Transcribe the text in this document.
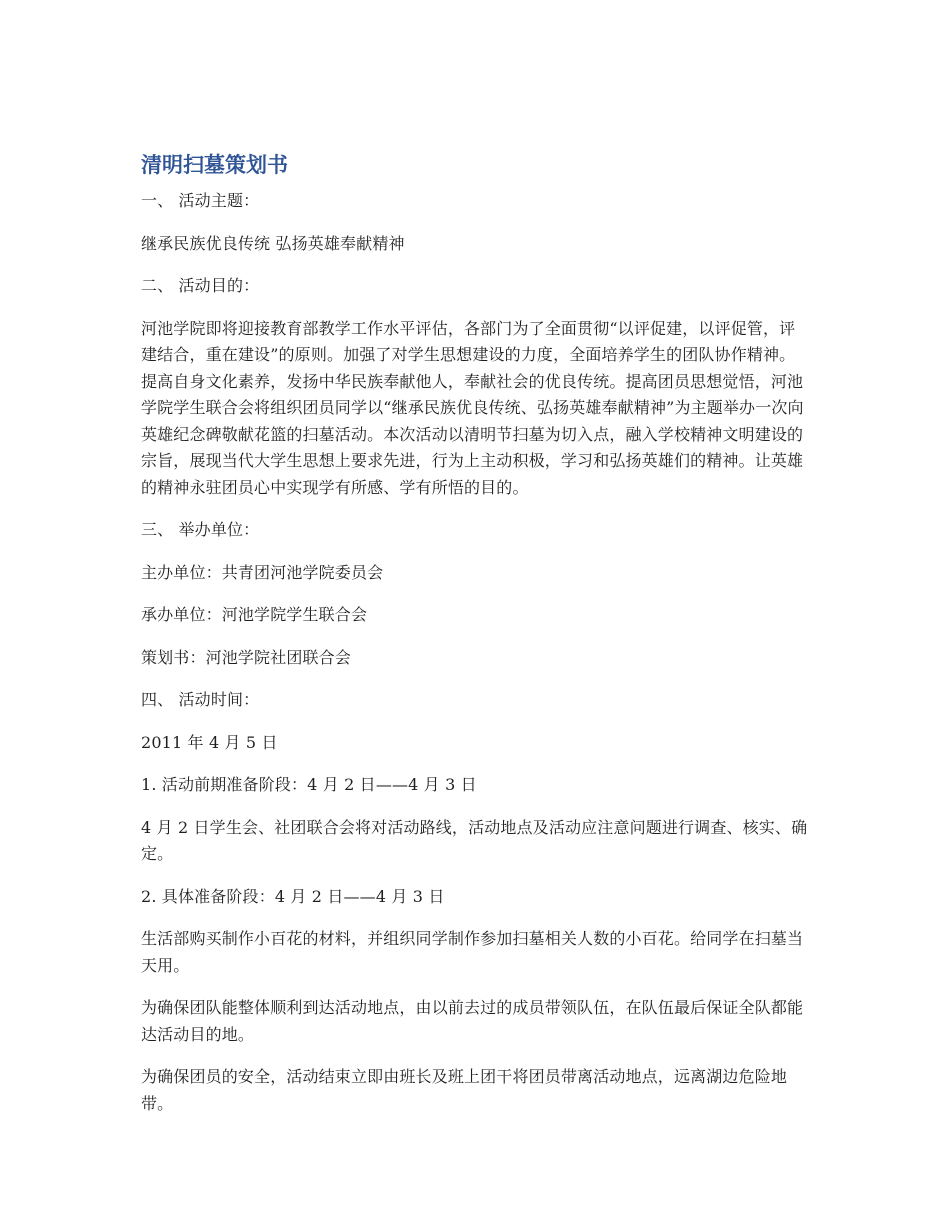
清明扫墓策划书

一、 活动主题：

继承民族优良传统 弘扬英雄奉献精神

二、 活动目的：

河池学院即将迎接教育部教学工作水平评估，各部门为了全面贯彻“以评促建，以评促管，评建结合，重在建设”的原则。加强了对学生思想建设的力度，全面培养学生的团队协作精神。提高自身文化素养，发扬中华民族奉献他人，奉献社会的优良传统。提高团员思想觉悟，河池学院学生联合会将组织团员同学以“继承民族优良传统、弘扬英雄奉献精神”为主题举办一次向英雄纪念碑敬献花篮的扫墓活动。本次活动以清明节扫墓为切入点，融入学校精神文明建设的宗旨，展现当代大学生思想上要求先进，行为上主动积极，学习和弘扬英雄们的精神。让英雄的精神永驻团员心中实现学有所感、学有所悟的目的。

三、 举办单位：

主办单位：共青团河池学院委员会

承办单位：河池学院学生联合会

策划书：河池学院社团联合会

四、 活动时间：

2011 年 4 月 5 日

1. 活动前期准备阶段：4 月 2 日——4 月 3 日

4 月 2 日学生会、社团联合会将对活动路线，活动地点及活动应注意问题进行调查、核实、确定。

2. 具体准备阶段：4 月 2 日——4 月 3 日

生活部购买制作小百花的材料，并组织同学制作参加扫墓相关人数的小百花。给同学在扫墓当天用。

为确保团队能整体顺利到达活动地点，由以前去过的成员带领队伍，在队伍最后保证全队都能达活动目的地。

为确保团员的安全，活动结束立即由班长及班上团干将团员带离活动地点，远离湖边危险地带。
